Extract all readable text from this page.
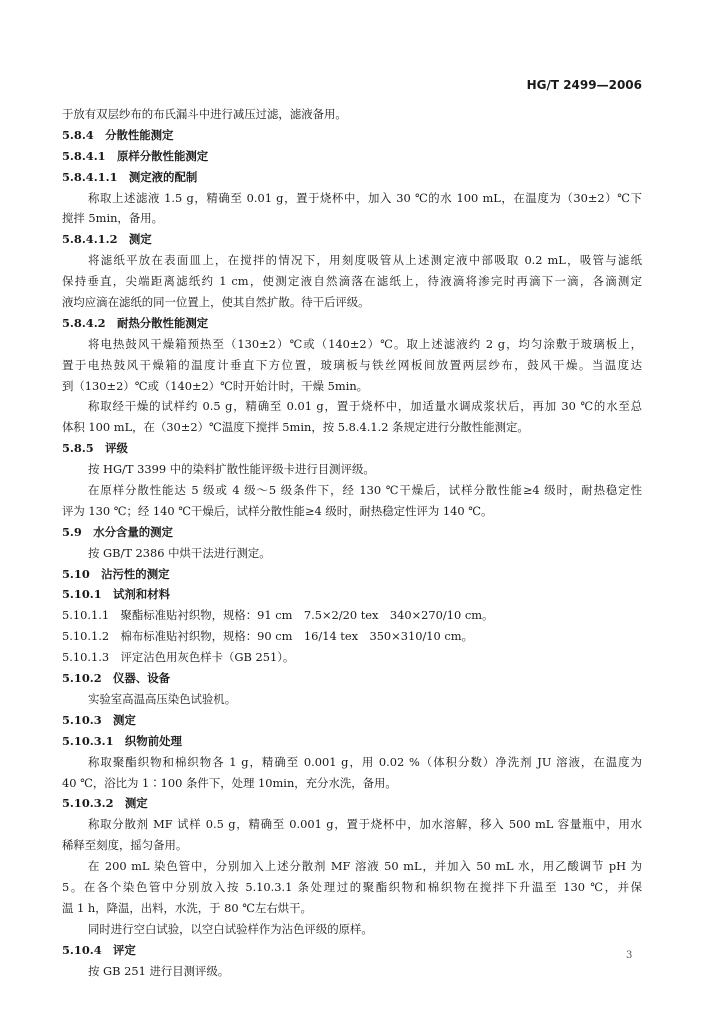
HG/T 2499—2006
于放有双层纱布的布氏漏斗中进行减压过滤，滤液备用。
5.8.4　分散性能测定
5.8.4.1　原样分散性能测定
5.8.4.1.1　测定液的配制
称取上述滤液 1.5 g，精确至 0.01 g，置于烧杯中，加入 30 ℃的水 100 mL，在温度为（30±2）℃下
搅拌 5min，备用。
5.8.4.1.2　测定
将滤纸平放在表面皿上，在搅拌的情况下，用刻度吸管从上述测定液中部吸取 0.2 mL，吸管与滤纸
保持垂直，尖端距离滤纸约 1 cm，使测定液自然滴落在滤纸上，待液滴将渗完时再滴下一滴，各滴测定
液均应滴在滤纸的同一位置上，使其自然扩散。待干后评级。
5.8.4.2　耐热分散性能测定
将电热鼓风干燥箱预热至（130±2）℃或（140±2）℃。取上述滤液约 2 g，均匀涂敷于玻璃板上，
置于电热鼓风干燥箱的温度计垂直下方位置，玻璃板与铁丝网板间放置两层纱布，鼓风干燥。当温度达
到（130±2）℃或（140±2）℃时开始计时，干燥 5min。
称取经干燥的试样约 0.5 g，精确至 0.01 g，置于烧杯中，加适量水调成浆状后，再加 30 ℃的水至总
体积 100 mL，在（30±2）℃温度下搅拌 5min，按 5.8.4.1.2 条规定进行分散性能测定。
5.8.5　评级
按 HG/T 3399 中的染料扩散性能评级卡进行目测评级。
在原样分散性能达 5 级或 4 级～5 级条件下，经 130 ℃干燥后，试样分散性能≥4 级时，耐热稳定性
评为 130 ℃；经 140 ℃干燥后，试样分散性能≥4 级时，耐热稳定性评为 140 ℃。
5.9　水分含量的测定
按 GB/T 2386 中烘干法进行测定。
5.10　沾污性的测定
5.10.1　试剂和材料
5.10.1.1　聚酯标准贴衬织物，规格：91 cm　7.5×2/20 tex　340×270/10 cm。
5.10.1.2　棉布标准贴衬织物，规格：90 cm　16/14 tex　350×310/10 cm。
5.10.1.3　评定沾色用灰色样卡（GB 251）。
5.10.2　仪器、设备
实验室高温高压染色试验机。
5.10.3　测定
5.10.3.1　织物前处理
称取聚酯织物和棉织物各 1 g，精确至 0.001 g，用 0.02 %（体积分数）净洗剂 JU 溶液，在温度为
40 ℃，浴比为 1∶100 条件下，处理 10min，充分水洗，备用。
5.10.3.2　测定
称取分散剂 MF 试样 0.5 g，精确至 0.001 g，置于烧杯中，加水溶解，移入 500 mL 容量瓶中，用水
稀释至刻度，摇匀备用。
在 200 mL 染色管中，分别加入上述分散剂 MF 溶液 50 mL，并加入 50 mL 水，用乙酸调节 pH 为
5。在各个染色管中分别放入按 5.10.3.1 条处理过的聚酯织物和棉织物在搅拌下升温至 130 ℃，并保
温 1 h，降温，出料，水洗，于 80 ℃左右烘干。
同时进行空白试验，以空白试验样作为沾色评级的原样。
5.10.4　评定
按 GB 251 进行目测评级。
3
